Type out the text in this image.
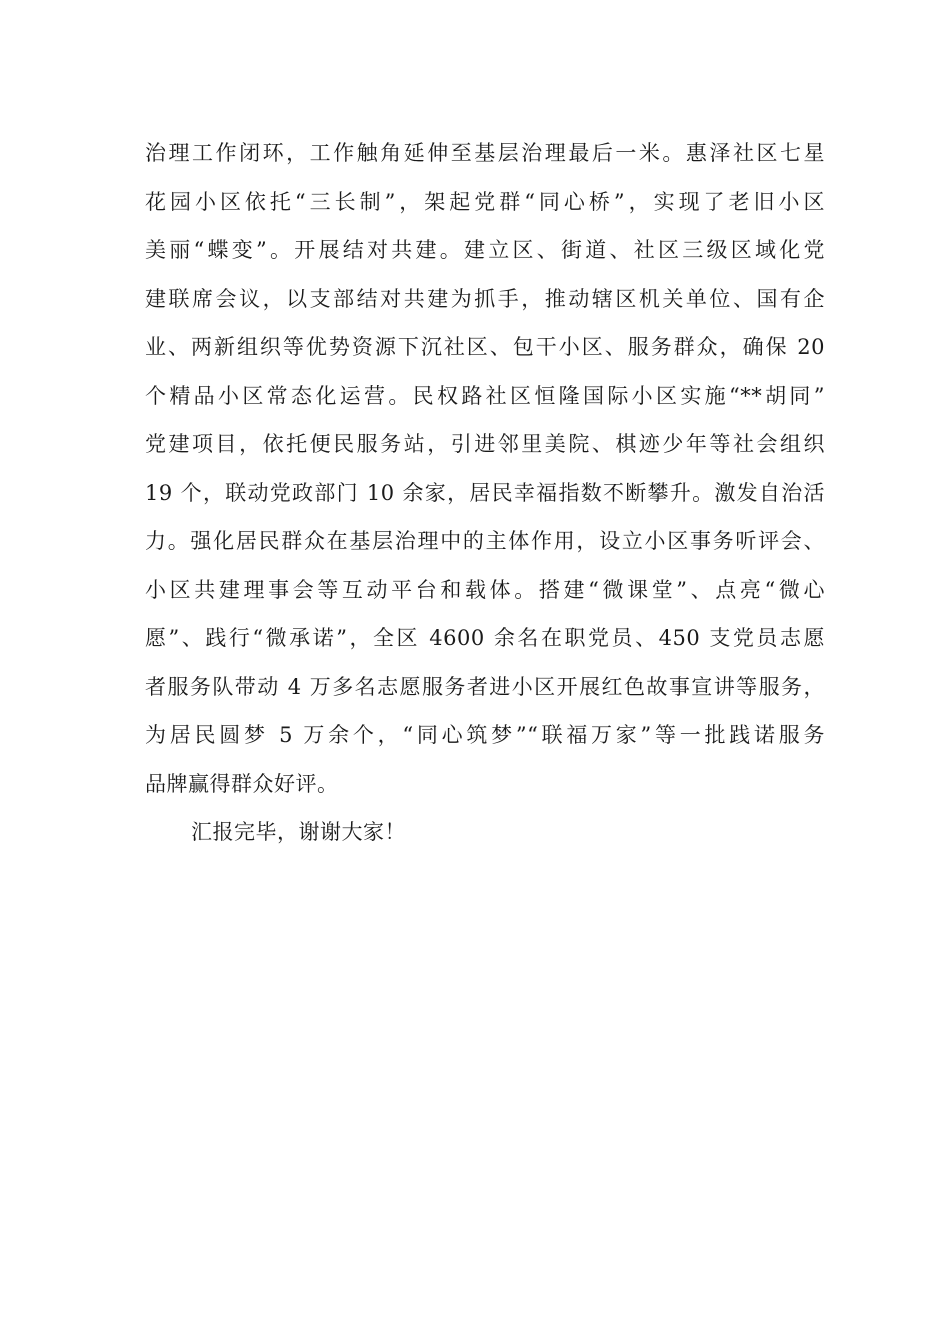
治理工作闭环，工作触角延伸至基层治理最后一米。惠泽社区七星
花园小区依托“三长制”，架起党群“同心桥”，实现了老旧小区
美丽“蝶变”。开展结对共建。建立区、街道、社区三级区域化党
建联席会议，以支部结对共建为抓手，推动辖区机关单位、国有企
业、两新组织等优势资源下沉社区、包干小区、服务群众，确保 20
个精品小区常态化运营。民权路社区恒隆国际小区实施“**胡同”
党建项目，依托便民服务站，引进邻里美院、棋迹少年等社会组织
19 个，联动党政部门 10 余家，居民幸福指数不断攀升。激发自治活
力。强化居民群众在基层治理中的主体作用，设立小区事务听评会、
小区共建理事会等互动平台和载体。搭建“微课堂”、点亮“微心
愿”、践行“微承诺”，全区 4600 余名在职党员、450 支党员志愿
者服务队带动 4 万多名志愿服务者进小区开展红色故事宣讲等服务，
为居民圆梦 5 万余个，“同心筑梦”“联福万家”等一批践诺服务
品牌赢得群众好评。
汇报完毕，谢谢大家！
